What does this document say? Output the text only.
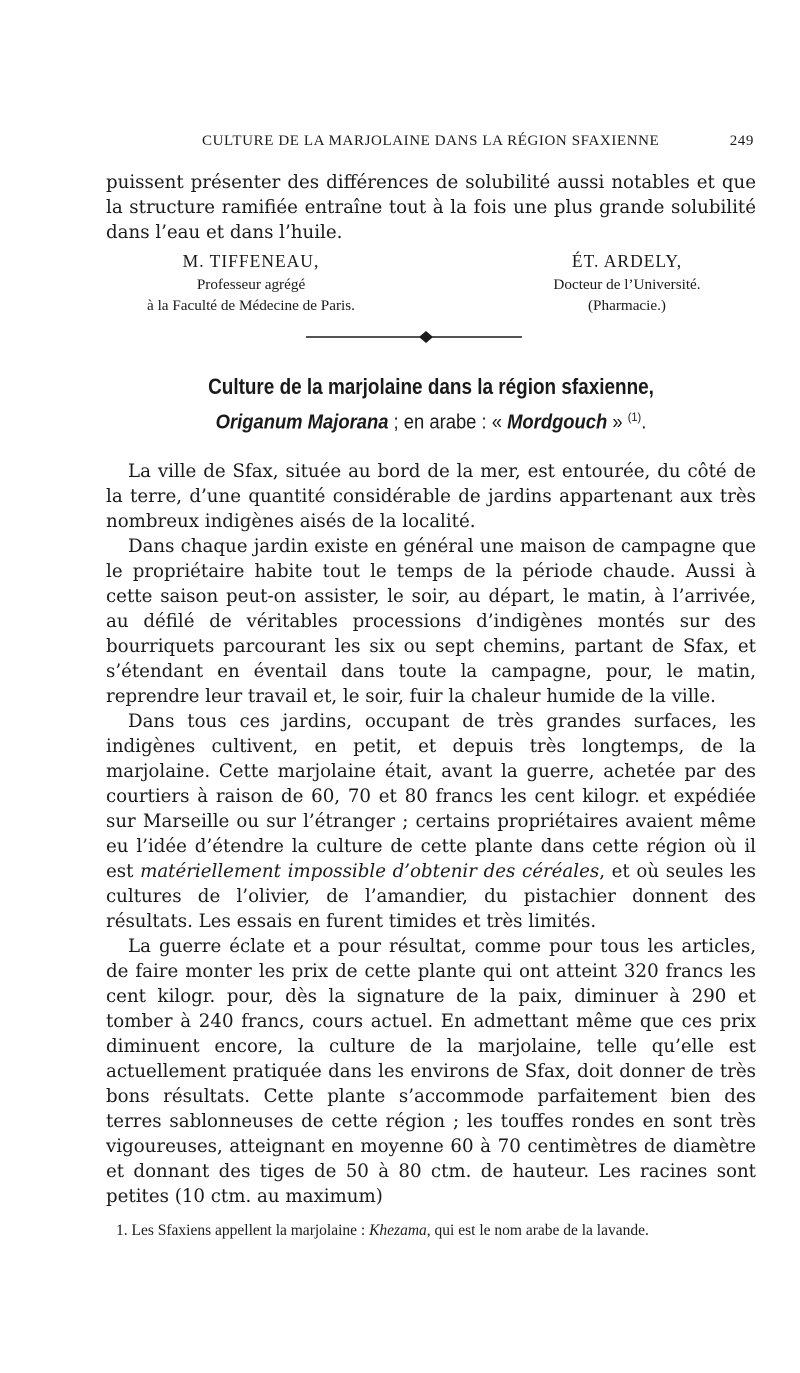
CULTURE DE LA MARJOLAINE DANS LA RÉGION SFAXIENNE	249

puissent présenter des différences de solubilité aussi notables et que la structure ramifiée entraîne tout à la fois une plus grande solubilité dans l’eau et dans l’huile.

M. TIFFENEAU,
Professeur agrégé
à la Faculté de Médecine de Paris.
ÉT. ARDELY,
Docteur de l’Université.
(Pharmacie.)
Culture de la marjolaine dans la région sfaxienne,
Origanum Majorana ; en arabe : « Mordgouch » $^{(1)}$.

La ville de Sfax, située au bord de la mer, est entourée, du côté de la terre, d’une quantité considérable de jardins appartenant aux très nombreux indigènes aisés de la localité.

Dans chaque jardin existe en général une maison de campagne que le propriétaire habite tout le temps de la période chaude. Aussi à cette saison peut-on assister, le soir, au départ, le matin, à l’arrivée, au défilé de véritables processions d’indigènes montés sur des bourriquets parcourant les six ou sept chemins, partant de Sfax, et s’étendant en éventail dans toute la campagne, pour, le matin, reprendre leur travail et, le soir, fuir la chaleur humide de la ville.

Dans tous ces jardins, occupant de très grandes surfaces, les indigènes cultivent, en petit, et depuis très longtemps, de la marjolaine. Cette marjolaine était, avant la guerre, achetée par des courtiers à raison de 60, 70 et 80 francs les cent kilogr. et expédiée sur Marseille ou sur l’étranger ; certains propriétaires avaient même eu l’idée d’étendre la culture de cette plante dans cette région où il est matériellement impossible d’obtenir des céréales, et où seules les cultures de l’olivier, de l’amandier, du pistachier donnent des résultats. Les essais en furent timides et très limités.

La guerre éclate et a pour résultat, comme pour tous les articles, de faire monter les prix de cette plante qui ont atteint 320 francs les cent kilogr. pour, dès la signature de la paix, diminuer à 290 et tomber à 240 francs, cours actuel. En admettant même que ces prix diminuent encore, la culture de la marjolaine, telle qu’elle est actuellement pratiquée dans les environs de Sfax, doit donner de très bons résultats. Cette plante s’accommode parfaitement bien des terres sablonneuses de cette région ; les touffes rondes en sont très vigoureuses, atteignant en moyenne 60 à 70 centimètres de diamètre et donnant des tiges de 50 à 80 ctm. de hauteur. Les racines sont petites (10 ctm. au maximum)

1. Les Sfaxiens appellent la marjolaine : Khezama, qui est le nom arabe de la lavande.
